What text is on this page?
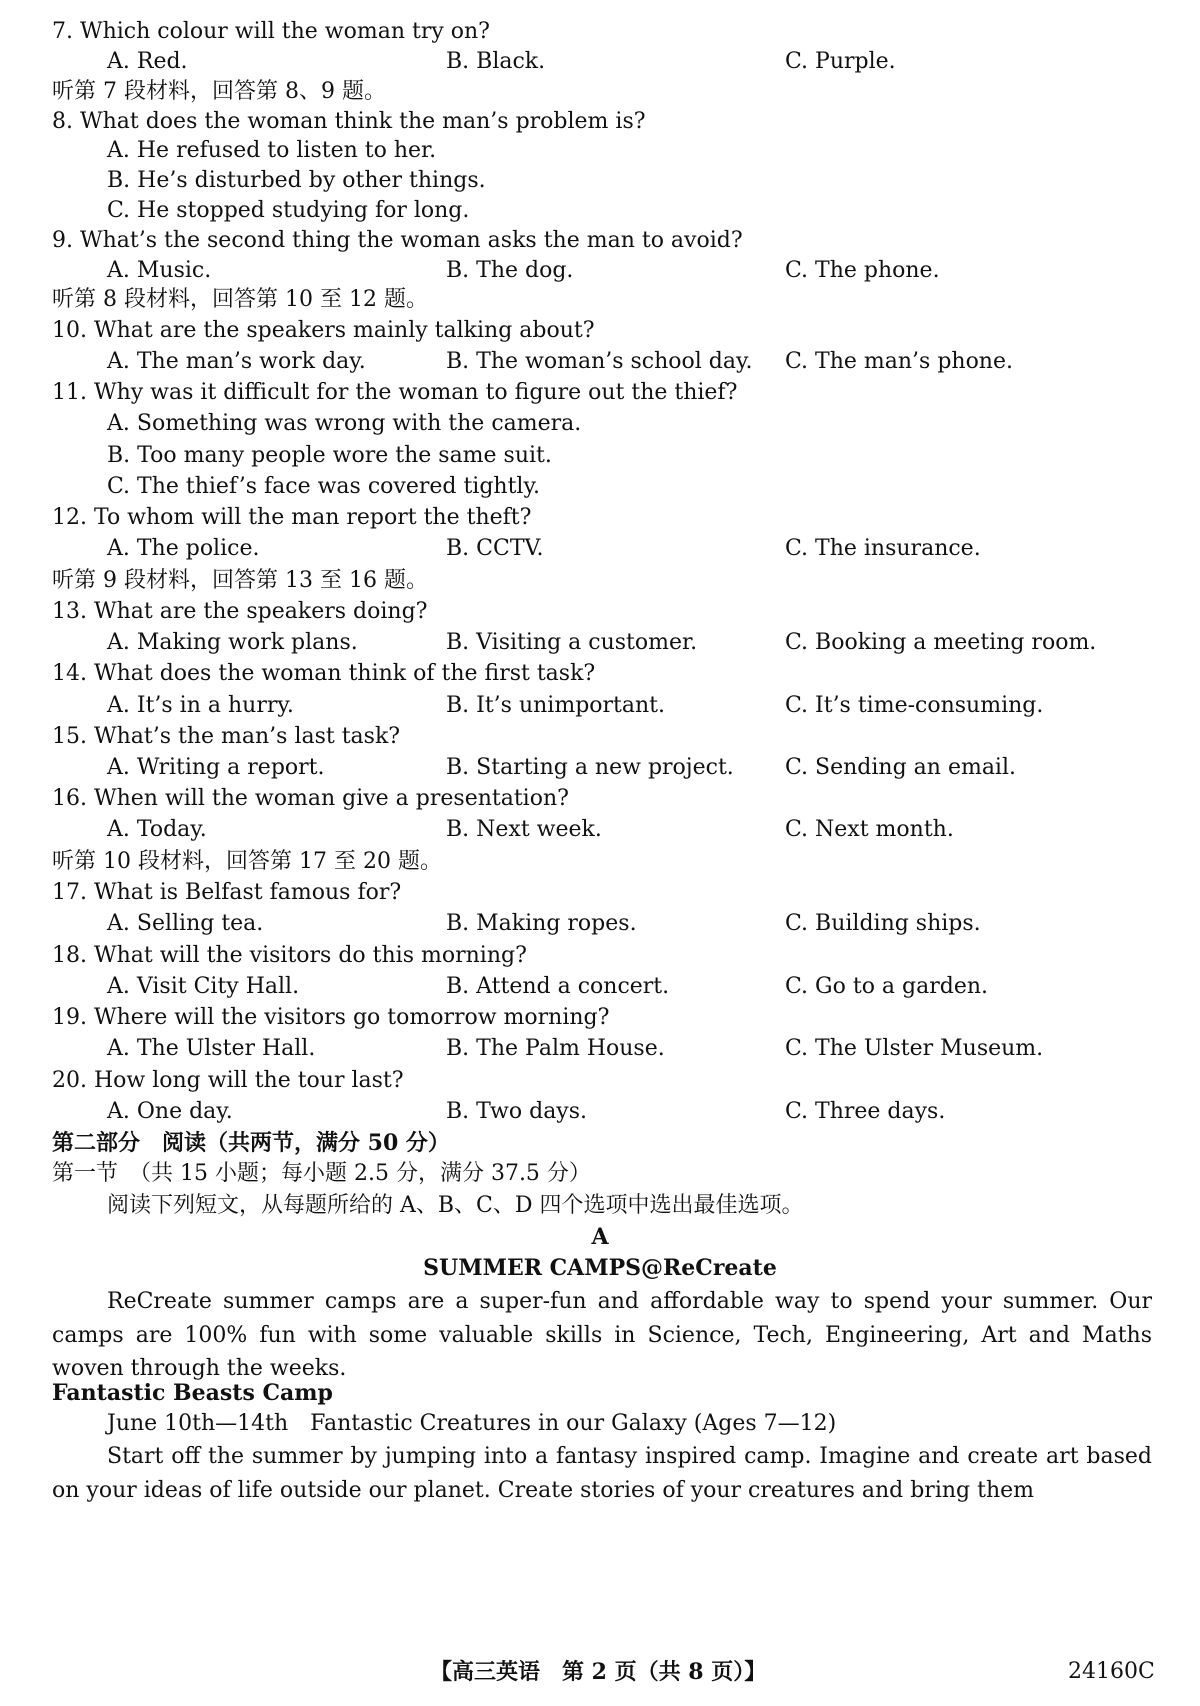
7. Which colour will the woman try on?
A. Red.	B. Black.	C. Purple.
听第 7 段材料，回答第 8、9 题。
8. What does the woman think the man’s problem is?
A. He refused to listen to her.
B. He’s disturbed by other things.
C. He stopped studying for long.
9. What’s the second thing the woman asks the man to avoid?
A. Music.	B. The dog.	C. The phone.
听第 8 段材料，回答第 10 至 12 题。
10. What are the speakers mainly talking about?
A. The man’s work day.	B. The woman’s school day. C. The man’s phone.
11. Why was it difficult for the woman to figure out the thief?
A. Something was wrong with the camera.
B. Too many people wore the same suit.
C. The thief’s face was covered tightly.
12. To whom will the man report the theft?
A. The police.	B. CCTV.	C. The insurance.
听第 9 段材料，回答第 13 至 16 题。
13. What are the speakers doing?
A. Making work plans.	B. Visiting a customer.	C. Booking a meeting room.
14. What does the woman think of the first task?
A. It’s in a hurry.	B. It’s unimportant.	C. It’s time-consuming.
15. What’s the man’s last task?
A. Writing a report.	B. Starting a new project. C. Sending an email.
16. When will the woman give a presentation?
A. Today.	B. Next week.	C. Next month.
听第 10 段材料，回答第 17 至 20 题。
17. What is Belfast famous for?
A. Selling tea.	B. Making ropes.	C. Building ships.
18. What will the visitors do this morning?
A. Visit City Hall.	B. Attend a concert.	C. Go to a garden.
19. Where will the visitors go tomorrow morning?
A. The Ulster Hall.	B. The Palm House.	C. The Ulster Museum.
20. How long will the tour last?
A. One day.	B. Two days.	C. Three days.
第二部分　阅读（共两节，满分 50 分）
第一节　（共 15 小题；每小题 2.5 分，满分 37.5 分）
阅读下列短文，从每题所给的 A、B、C、D 四个选项中选出最佳选项。
A
SUMMER CAMPS@ReCreate
ReCreate summer camps are a super-fun and affordable way to spend your summer. Our camps are 100% fun with some valuable skills in Science, Tech, Engineering, Art and Maths woven through the weeks.
Fantastic Beasts Camp
June 10th—14th　Fantastic Creatures in our Galaxy (Ages 7—12)
Start off the summer by jumping into a fantasy inspired camp. Imagine and create art based on your ideas of life outside our planet. Create stories of your creatures and bring them
【高三英语　第 2 页（共 8 页）】	24160C
